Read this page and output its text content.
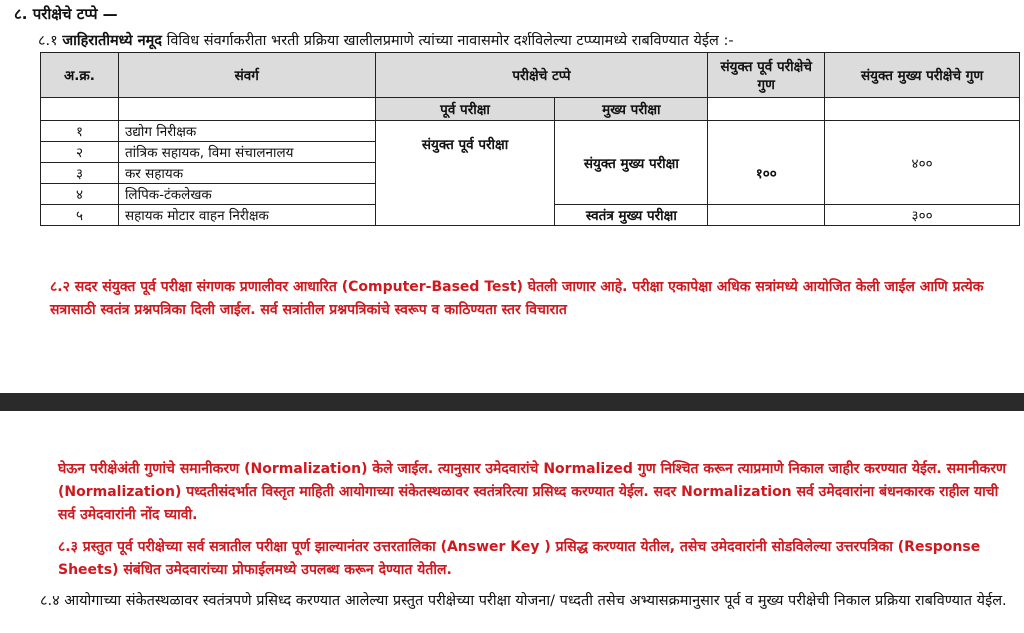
८. परीक्षेचे टप्पे —
८.१ जाहिरातीमध्ये नमूद विविध संवर्गाकरीता भरती प्रक्रिया खालीलप्रमाणे त्यांच्या नावासमोर दर्शविलेल्या टप्प्यामध्ये राबविण्यात येईल :-
अ.क्र.	संवर्ग	परीक्षेचे टप्पे		संयुक्त पूर्व परीक्षेचे गुण	संयुक्त मुख्य परीक्षेचे गुण
		पूर्व परीक्षा	मुख्य परीक्षा		
१	उद्योग निरीक्षक	संयुक्त पूर्व परीक्षा	संयुक्त मुख्य परीक्षा	१००	४००
२	तांत्रिक सहायक, विमा संचालनालय				
३	कर सहायक				
४	लिपिक-टंकलेखक				
५	सहायक मोटार वाहन निरीक्षक		स्वतंत्र मुख्य परीक्षा		३००
८.२ सदर संयुक्त पूर्व परीक्षा संगणक प्रणालीवर आधारित (Computer-Based Test) घेतली जाणार आहे. परीक्षा एकापेक्षा अधिक सत्रांमध्ये आयोजित केली जाईल आणि प्रत्येक सत्रासाठी स्वतंत्र प्रश्नपत्रिका दिली जाईल. सर्व सत्रांतील प्रश्नपत्रिकांचे स्वरूप व काठिण्यता स्तर विचारात
घेऊन परीक्षेअंती गुणांचे समानीकरण (Normalization) केले जाईल. त्यानुसार उमेदवारांचे Normalized गुण निश्चित करून त्याप्रमाणे निकाल जाहीर करण्यात येईल. समानीकरण (Normalization) पध्दतीसंदर्भात विस्तृत माहिती आयोगाच्या संकेतस्थळावर स्वतंत्ररित्या प्रसिध्द करण्यात येईल. सदर Normalization सर्व उमेदवारांना बंधनकारक राहील याची सर्व उमेदवारांनी नोंद घ्यावी.
८.३ प्रस्तुत पूर्व परीक्षेच्या सर्व सत्रातील परीक्षा पूर्ण झाल्यानंतर उत्तरतालिका (Answer Key ) प्रसिद्ध करण्यात येतील, तसेच उमेदवारांनी सोडविलेल्या उत्तरपत्रिका (Response Sheets) संबंधित उमेदवारांच्या प्रोफाईलमध्ये उपलब्ध करून देण्यात येतील.
८.४ आयोगाच्या संकेतस्थळावर स्वतंत्रपणे प्रसिध्द करण्यात आलेल्या प्रस्तुत परीक्षेच्या परीक्षा योजना/ पध्दती तसेच अभ्यासक्रमानुसार पूर्व व मुख्य परीक्षेची निकाल प्रक्रिया राबविण्यात येईल.
